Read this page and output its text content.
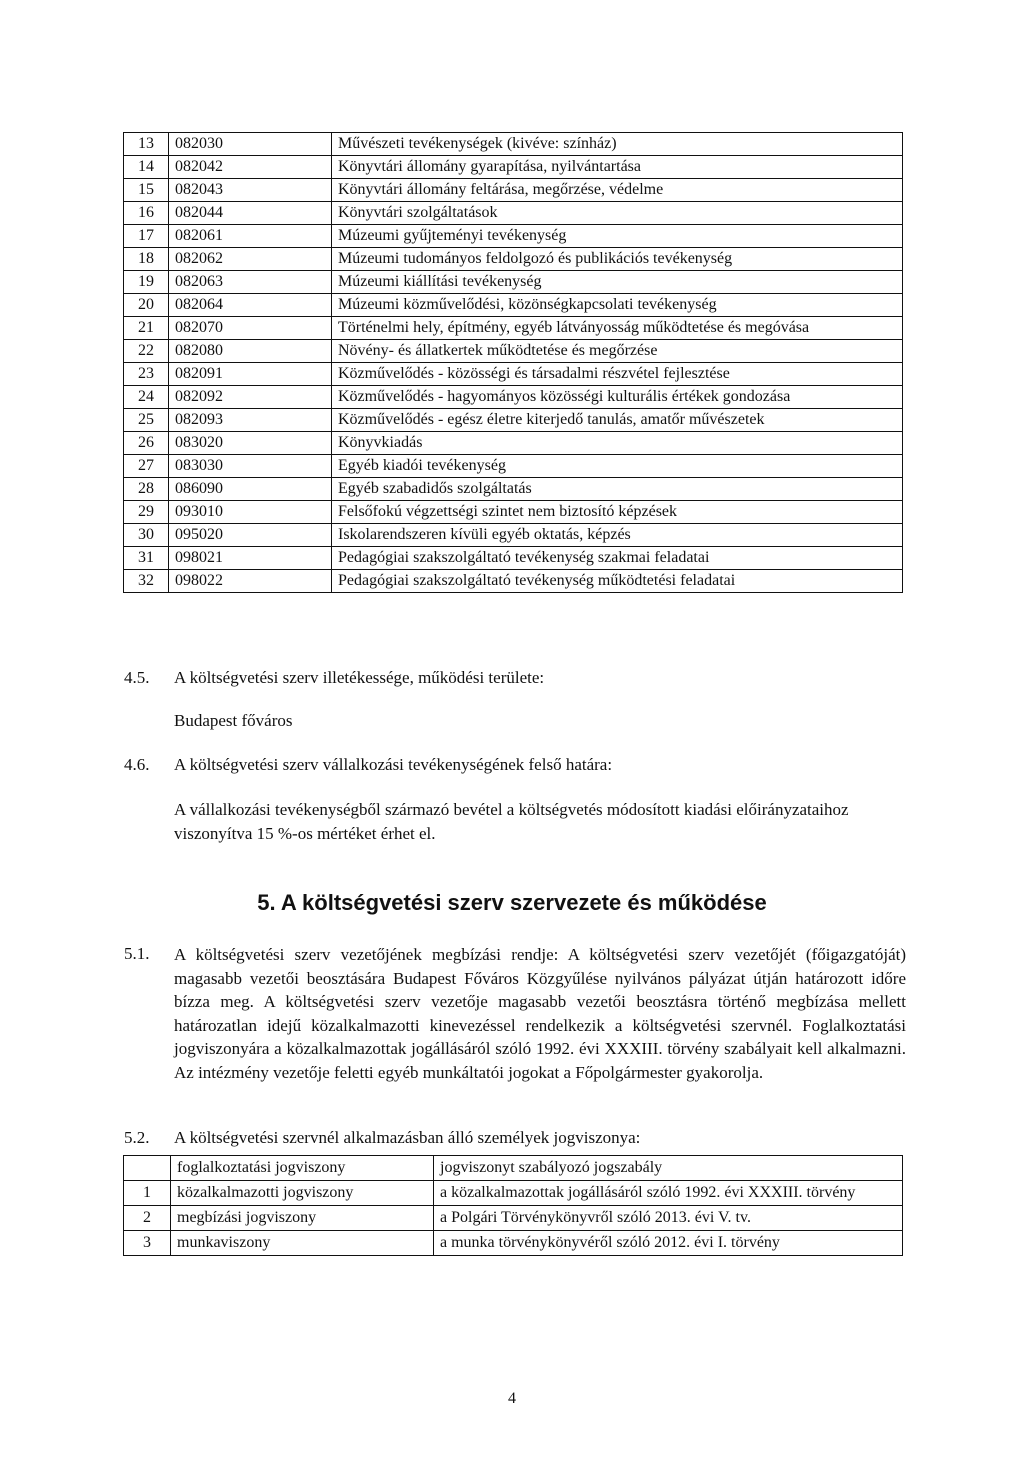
13	082030	Művészeti tevékenységek (kivéve: színház)
14	082042	Könyvtári állomány gyarapítása, nyilvántartása
15	082043	Könyvtári állomány feltárása, megőrzése, védelme
16	082044	Könyvtári szolgáltatások
17	082061	Múzeumi gyűjteményi tevékenység
18	082062	Múzeumi tudományos feldolgozó és publikációs tevékenység
19	082063	Múzeumi kiállítási tevékenység
20	082064	Múzeumi közművelődési, közönségkapcsolati tevékenység
21	082070	Történelmi hely, építmény, egyéb látványosság működtetése és megóvása
22	082080	Növény- és állatkertek működtetése és megőrzése
23	082091	Közművelődés - közösségi és társadalmi részvétel fejlesztése
24	082092	Közművelődés - hagyományos közösségi kulturális értékek gondozása
25	082093	Közművelődés - egész életre kiterjedő tanulás, amatőr művészetek
26	083020	Könyvkiadás
27	083030	Egyéb kiadói tevékenység
28	086090	Egyéb szabadidős szolgáltatás
29	093010	Felsőfokú végzettségi szintet nem biztosító képzések
30	095020	Iskolarendszeren kívüli egyéb oktatás, képzés
31	098021	Pedagógiai szakszolgáltató tevékenység szakmai feladatai
32	098022	Pedagógiai szakszolgáltató tevékenység működtetési feladatai
4.5. A költségvetési szerv illetékessége, működési területe:
Budapest főváros
4.6. A költségvetési szerv vállalkozási tevékenységének felső határa:
A vállalkozási tevékenységből származó bevétel a költségvetés módosított kiadási előirányzataihoz viszonyítva 15 %-os mértéket érhet el.
5. A költségvetési szerv szervezete és működése
5.1. A költségvetési szerv vezetőjének megbízási rendje: A költségvetési szerv vezetőjét (főigazgatóját) magasabb vezetői beosztására Budapest Főváros Közgyűlése nyilvános pályázat útján határozott időre bízza meg. A költségvetési szerv vezetője magasabb vezetői beosztásra történő megbízása mellett határozatlan idejű közalkalmazotti kinevezéssel rendelkezik a költségvetési szervnél. Foglalkoztatási jogviszonyára a közalkalmazottak jogállásáról szóló 1992. évi XXXIII. törvény szabályait kell alkalmazni. Az intézmény vezetője feletti egyéb munkáltatói jogokat a Főpolgármester gyakorolja.
5.2. A költségvetési szervnél alkalmazásban álló személyek jogviszonya:
	foglalkoztatási jogviszony	jogviszonyt szabályozó jogszabály
1	közalkalmazotti jogviszony	a közalkalmazottak jogállásáról szóló 1992. évi XXXIII. törvény
2	megbízási jogviszony	a Polgári Törvénykönyvről szóló 2013. évi V. tv.
3	munkaviszony	a munka törvénykönyvéről szóló 2012. évi I. törvény
4
